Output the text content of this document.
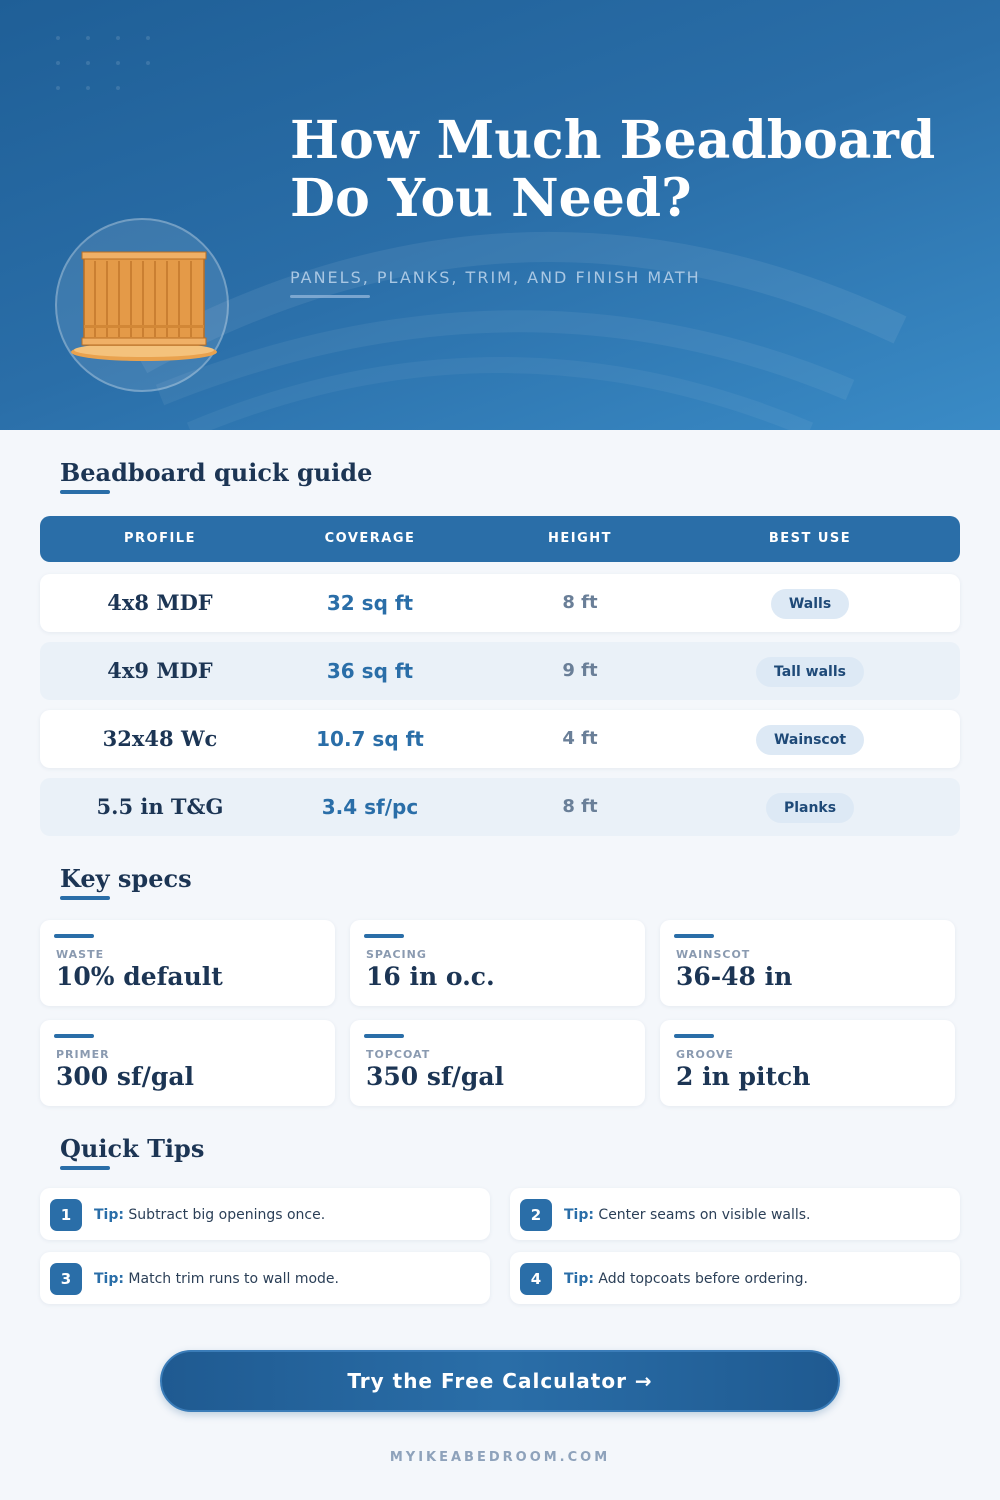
How Much Beadboard
Do You Need?
PANELS, PLANKS, TRIM, AND FINISH MATH
Beadboard quick guide
PROFILE	COVERAGE	HEIGHT	BEST USE
4x8 MDF	32 sq ft	8 ft	Walls
4x9 MDF	36 sq ft	9 ft	Tall walls
32x48 Wc	10.7 sq ft	4 ft	Wainscot
5.5 in T&G	3.4 sf/pc	8 ft	Planks
Key specs
WASTE
10% default
SPACING
16 in o.c.
WAINSCOT
36-48 in
PRIMER
300 sf/gal
TOPCOAT
350 sf/gal
GROOVE
2 in pitch
Quick Tips
1	Tip: Subtract big openings once.	2	Tip: Center seams on visible walls.
3	Tip: Match trim runs to wall mode.	4	Tip: Add topcoats before ordering.
Try the Free Calculator →
MYIKEABEDROOM.COM
